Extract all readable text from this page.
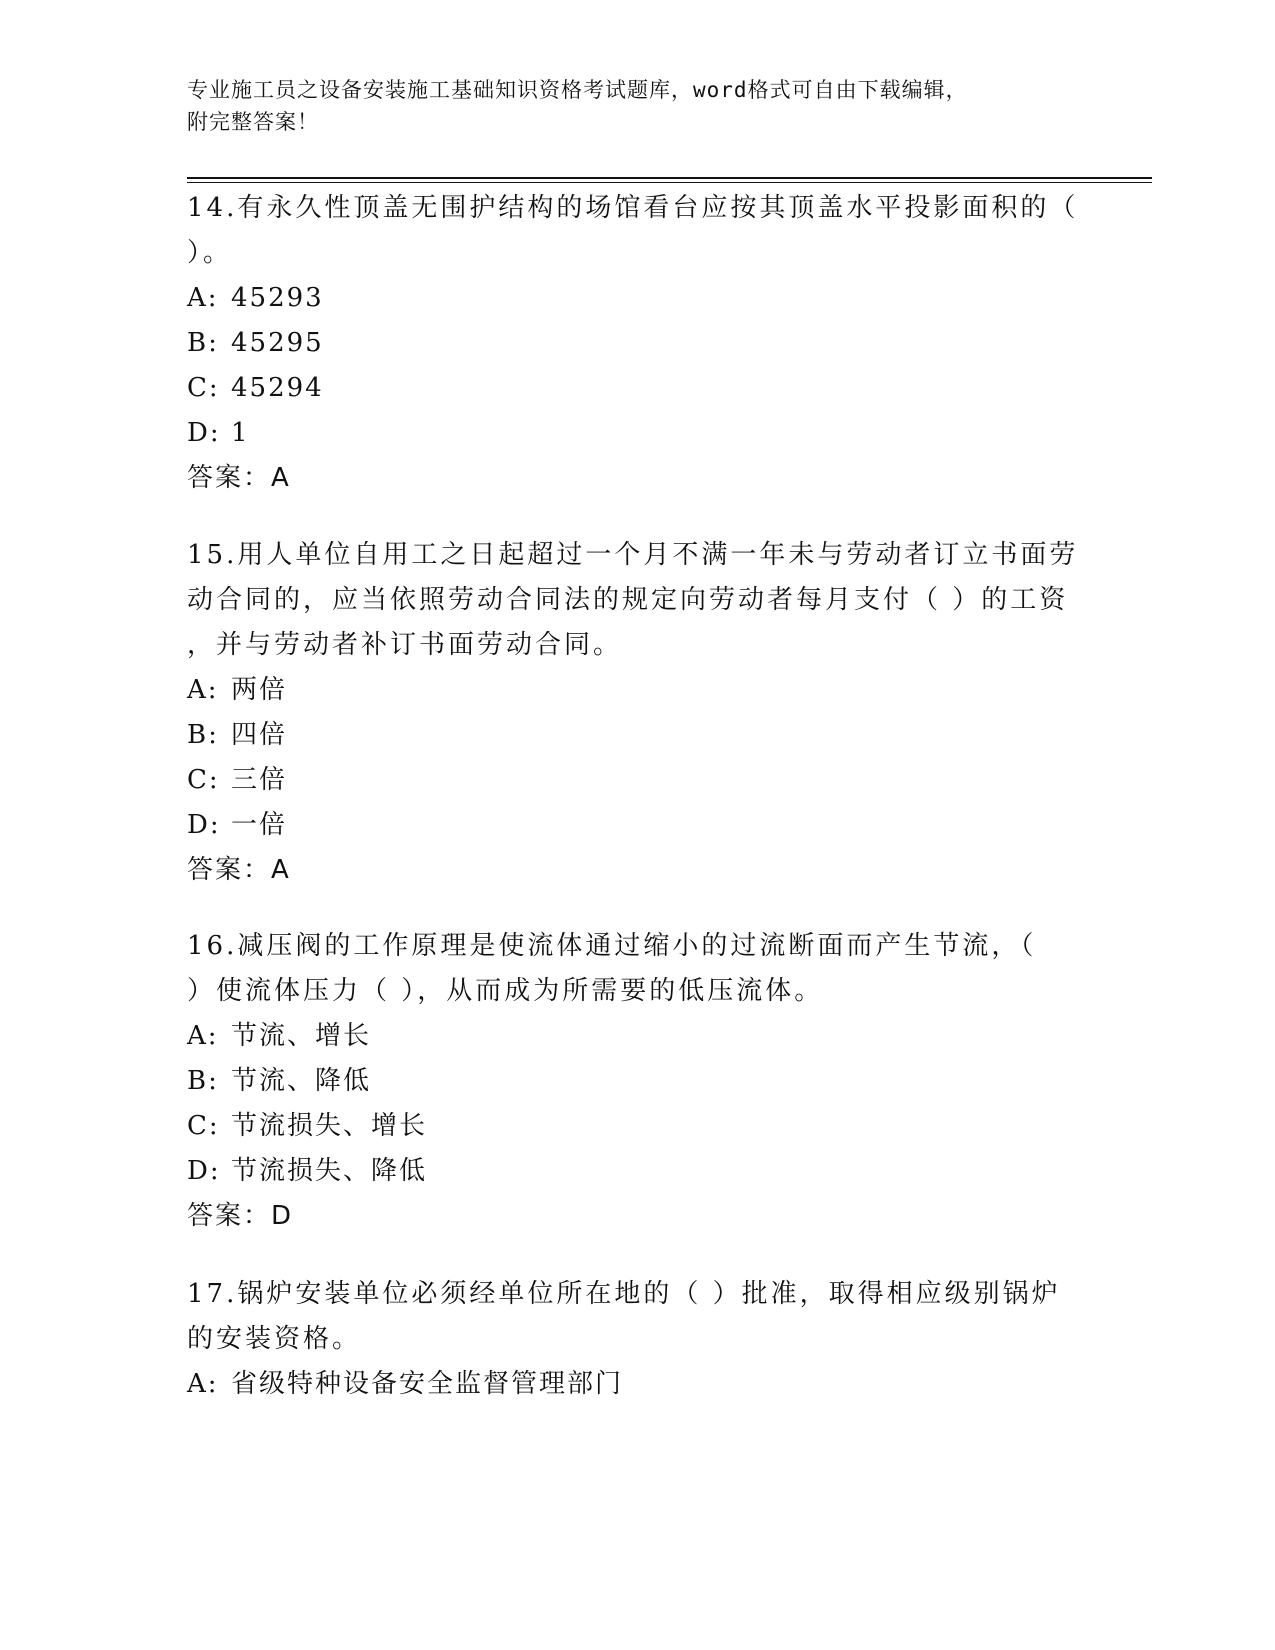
专业施工员之设备安装施工基础知识资格考试题库，word格式可自由下载编辑，
附完整答案！

14.有永久性顶盖无围护结构的场馆看台应按其顶盖水平投影面积的（

）。

A: 45293

B: 45295

C: 45294

D: 1

答案：A

15.用人单位自用工之日起超过一个月不满一年未与劳动者订立书面劳

动合同的，应当依照劳动合同法的规定向劳动者每月支付（ ）的工资

，并与劳动者补订书面劳动合同。

A: 两倍

B: 四倍

C: 三倍

D: 一倍

答案：A

16.减压阀的工作原理是使流体通过缩小的过流断面而产生节流，（

）使流体压力（ ），从而成为所需要的低压流体。

A: 节流、增长

B: 节流、降低

C: 节流损失、增长

D: 节流损失、降低

答案：D

17.锅炉安装单位必须经单位所在地的（ ）批准，取得相应级别锅炉

的安装资格。

A: 省级特种设备安全监督管理部门
